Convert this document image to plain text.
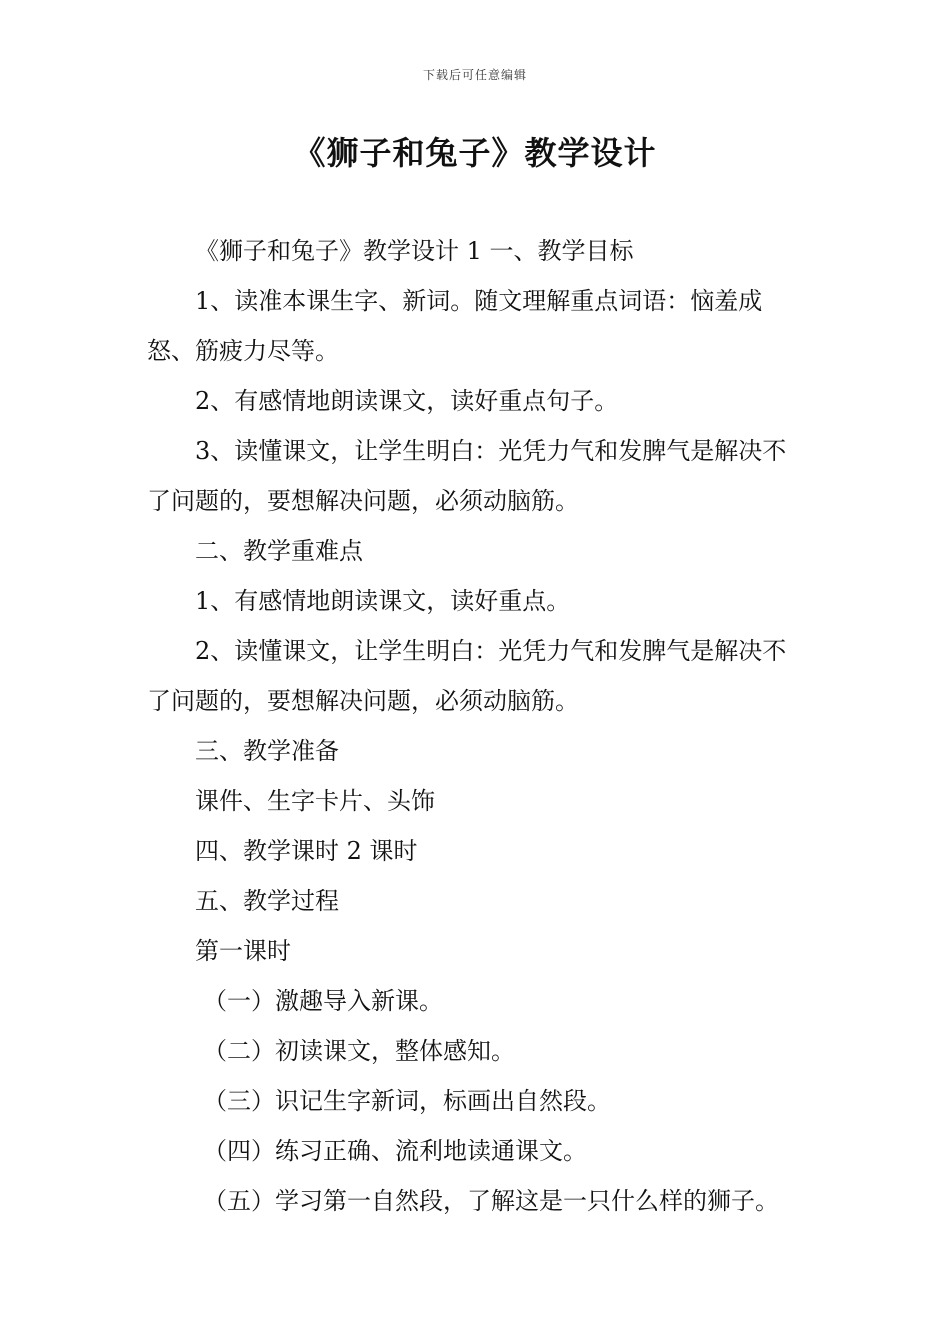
下载后可任意编辑
《狮子和兔子》教学设计

《狮子和兔子》教学设计 1 一、教学目标

1、读准本课生字、新词。随文理解重点词语：恼羞成怒、筋疲力尽等。

2、有感情地朗读课文，读好重点句子。

3、读懂课文，让学生明白：光凭力气和发脾气是解决不了问题的，要想解决问题，必须动脑筋。

二、教学重难点

1、有感情地朗读课文，读好重点。

2、读懂课文，让学生明白：光凭力气和发脾气是解决不了问题的，要想解决问题，必须动脑筋。

三、教学准备

课件、生字卡片、头饰

四、教学课时 2 课时

五、教学过程

第一课时

（一）激趣导入新课。

（二）初读课文，整体感知。

（三）识记生字新词，标画出自然段。

（四）练习正确、流利地读通课文。

（五）学习第一自然段，了解这是一只什么样的狮子。
